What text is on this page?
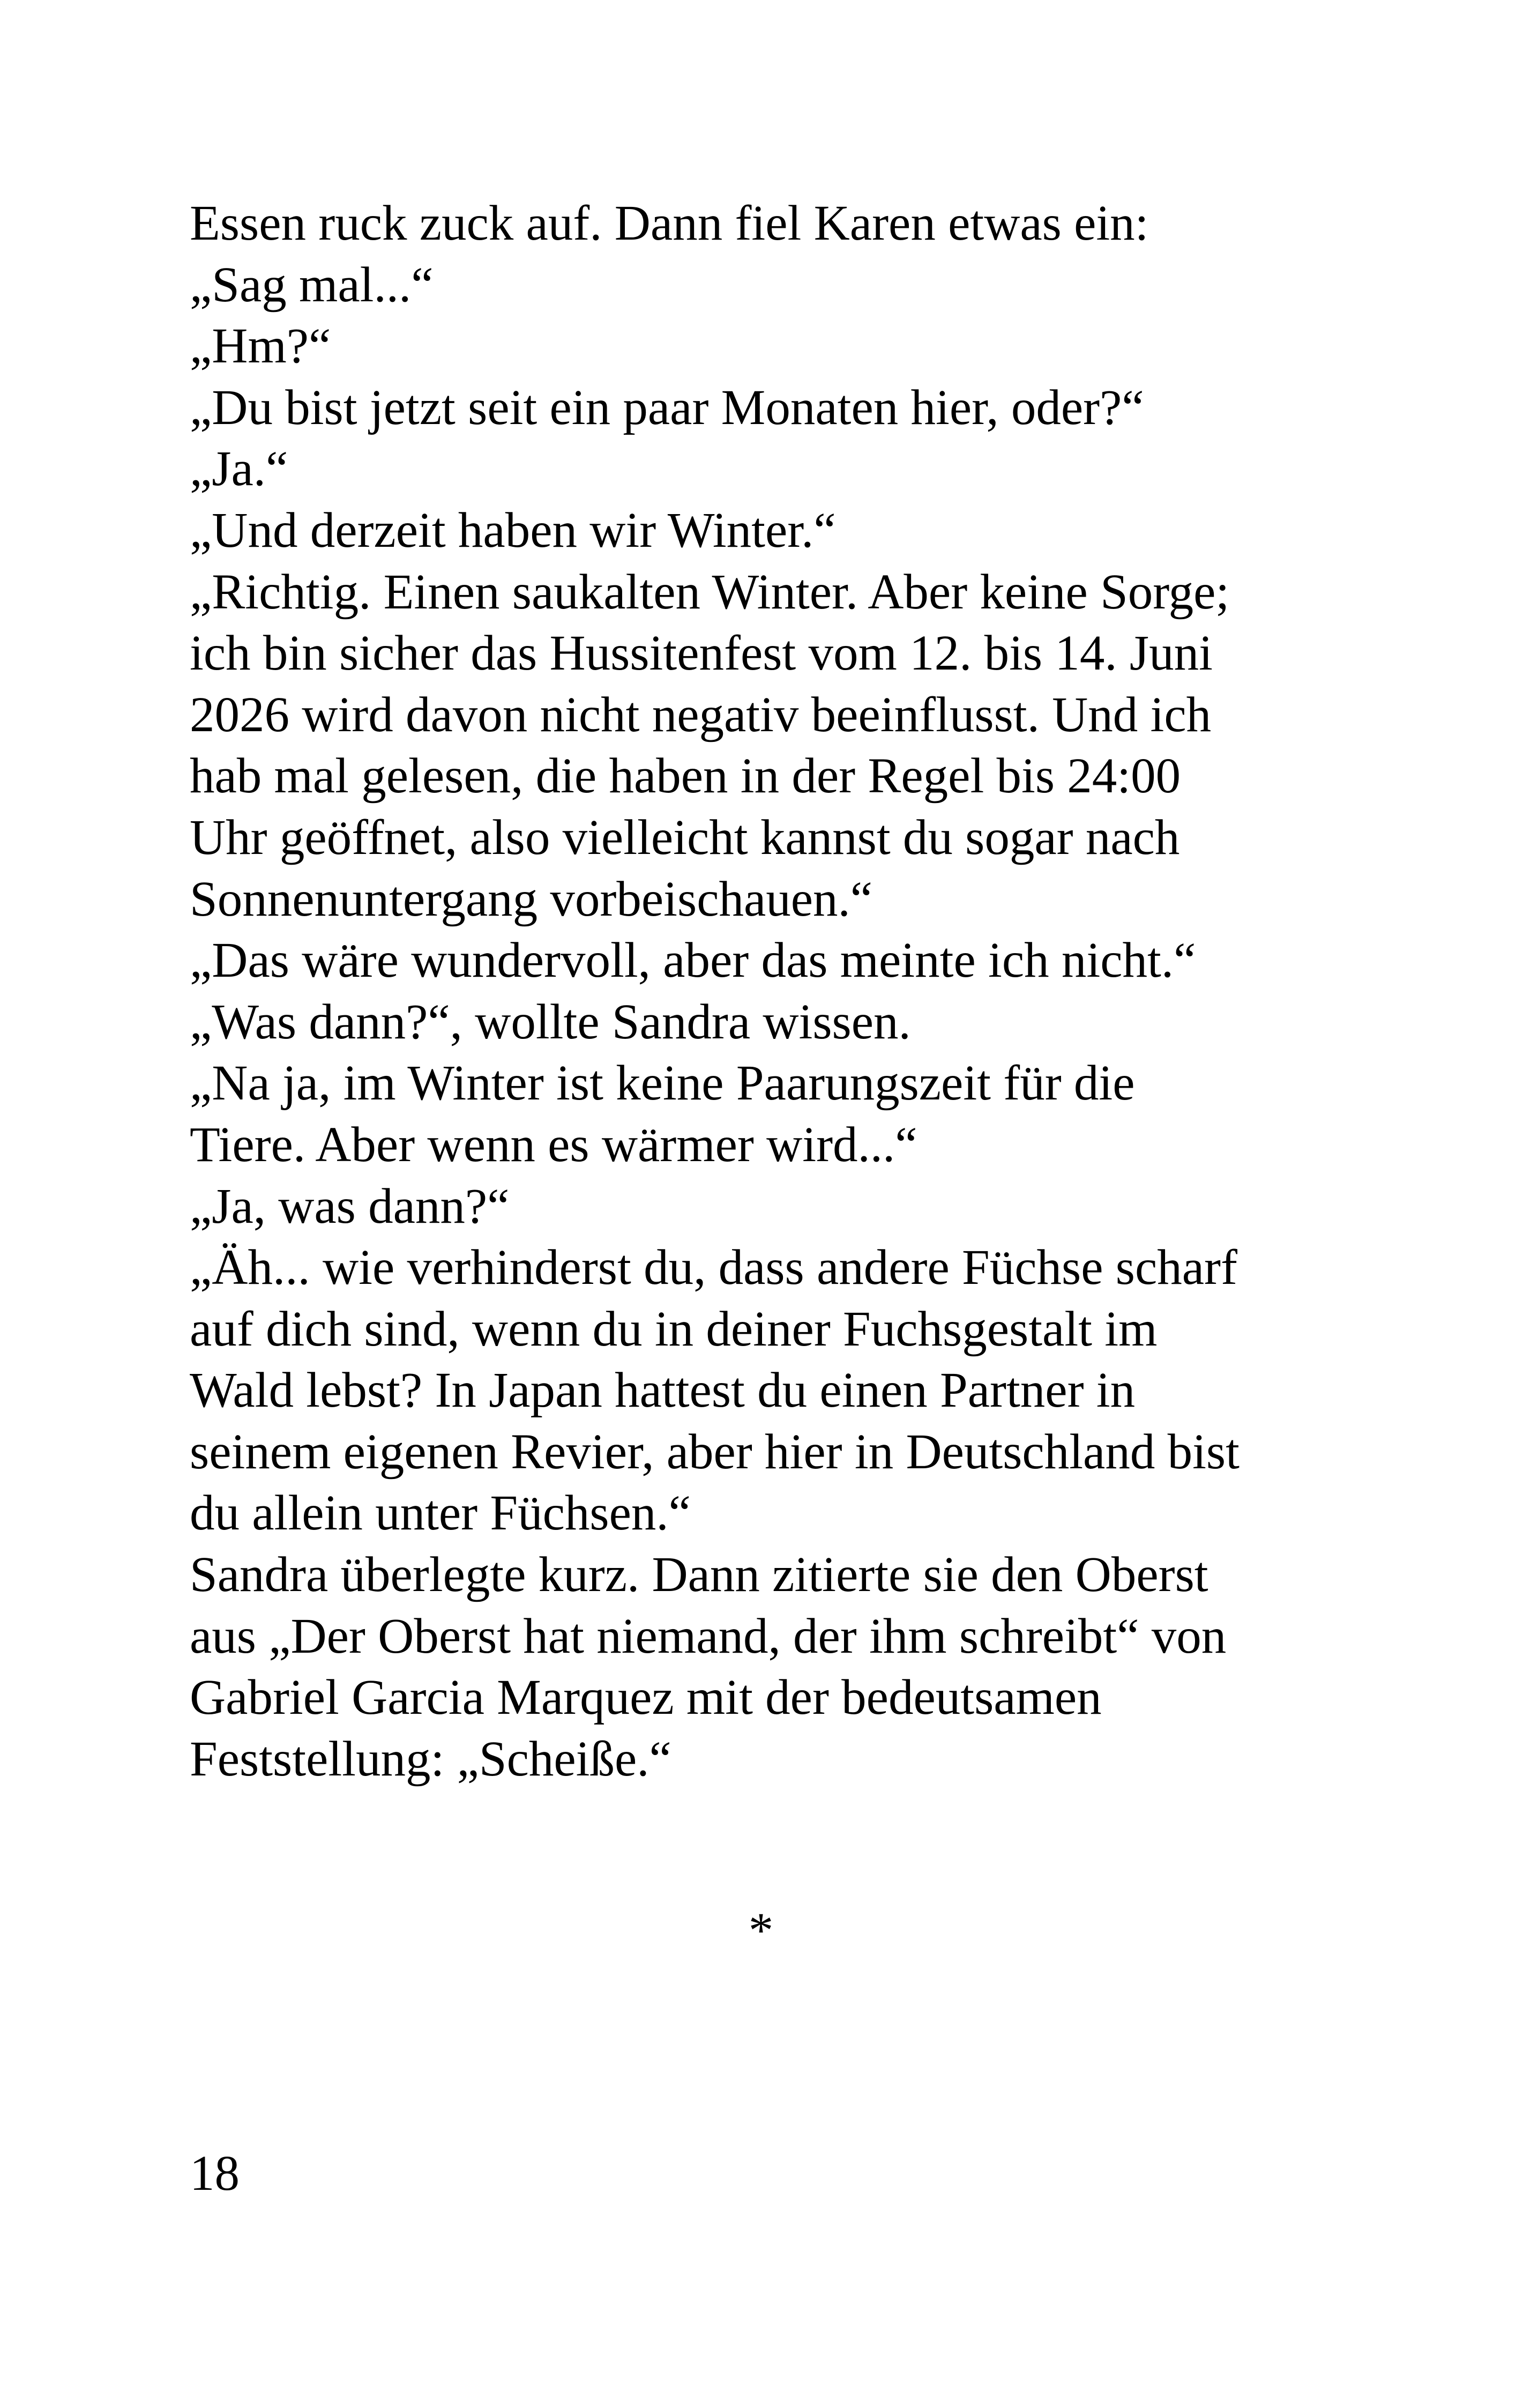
Essen ruck zuck auf. Dann fiel Karen etwas ein:
„Sag mal...“
„Hm?“
„Du bist jetzt seit ein paar Monaten hier, oder?“
„Ja.“
„Und derzeit haben wir Winter.“
„Richtig. Einen saukalten Winter. Aber keine Sorge;
ich bin sicher das Hussitenfest vom 12. bis 14. Juni
2026 wird davon nicht negativ beeinflusst. Und ich
hab mal gelesen, die haben in der Regel bis 24:00
Uhr geöffnet, also vielleicht kannst du sogar nach
Sonnenuntergang vorbeischauen.“
„Das wäre wundervoll, aber das meinte ich nicht.“
„Was dann?“, wollte Sandra wissen.
„Na ja, im Winter ist keine Paarungszeit für die
Tiere. Aber wenn es wärmer wird...“
„Ja, was dann?“
„Äh... wie verhinderst du, dass andere Füchse scharf
auf dich sind, wenn du in deiner Fuchsgestalt im
Wald lebst? In Japan hattest du einen Partner in
seinem eigenen Revier, aber hier in Deutschland bist
du allein unter Füchsen.“
Sandra überlegte kurz. Dann zitierte sie den Oberst
aus „Der Oberst hat niemand, der ihm schreibt“ von
Gabriel Garcia Marquez mit der bedeutsamen
Feststellung: „Scheiße.“
*
18
